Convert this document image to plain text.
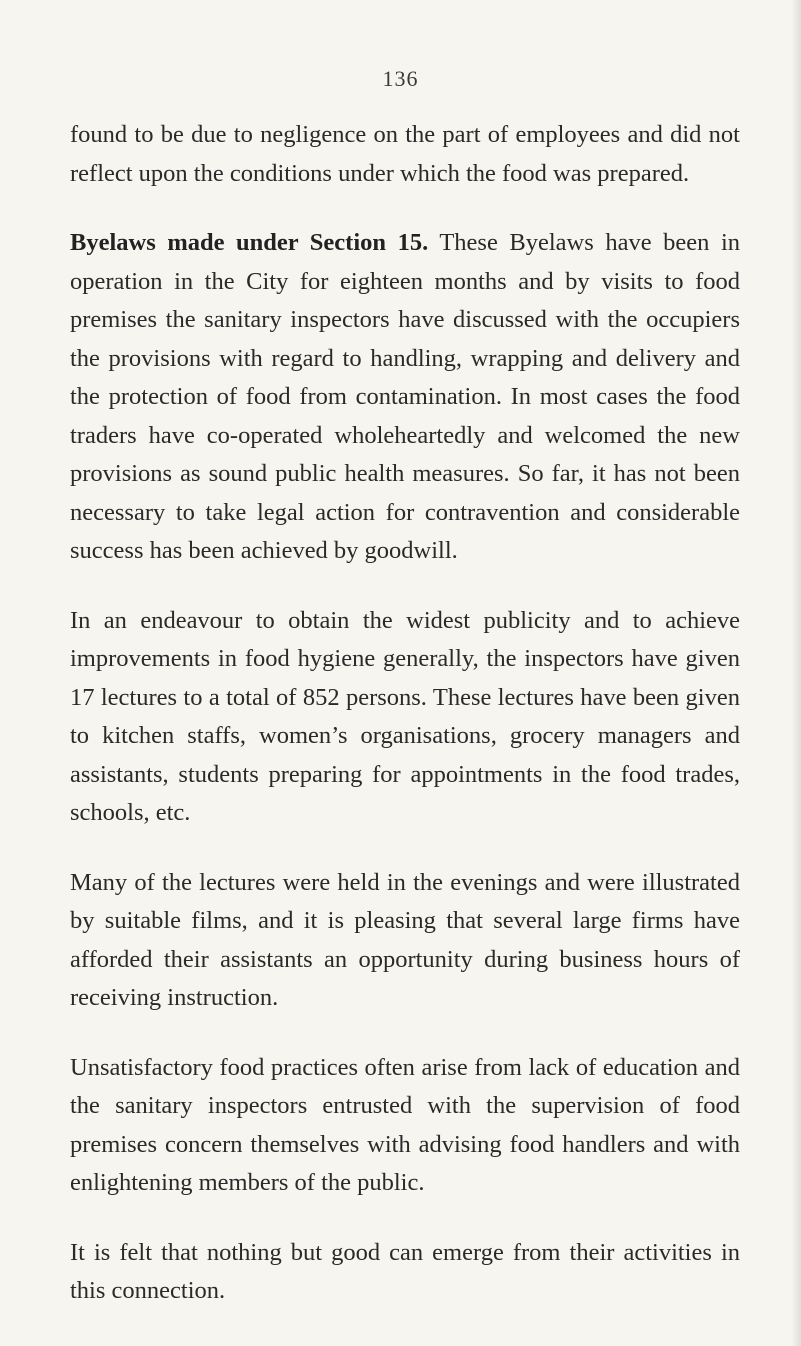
136

found to be due to negligence on the part of employees and did not reflect upon the conditions under which the food was prepared.

Byelaws made under Section 15. These Byelaws have been in operation in the City for eighteen months and by visits to food premises the sanitary inspectors have discussed with the occupiers the provisions with regard to handling, wrapping and delivery and the protection of food from contamination. In most cases the food traders have co-operated wholeheartedly and welcomed the new provisions as sound public health measures. So far, it has not been necessary to take legal action for contravention and considerable success has been achieved by goodwill.

In an endeavour to obtain the widest publicity and to achieve improvements in food hygiene generally, the inspectors have given 17 lectures to a total of 852 persons. These lectures have been given to kitchen staffs, women’s organisations, grocery managers and assistants, students preparing for appointments in the food trades, schools, etc.

Many of the lectures were held in the evenings and were illustrated by suitable films, and it is pleasing that several large firms have afforded their assistants an opportunity during business hours of receiving instruction.

Unsatisfactory food practices often arise from lack of education and the sanitary inspectors entrusted with the supervision of food premises concern themselves with advising food handlers and with enlightening members of the public.

It is felt that nothing but good can emerge from their activities in this connection.
